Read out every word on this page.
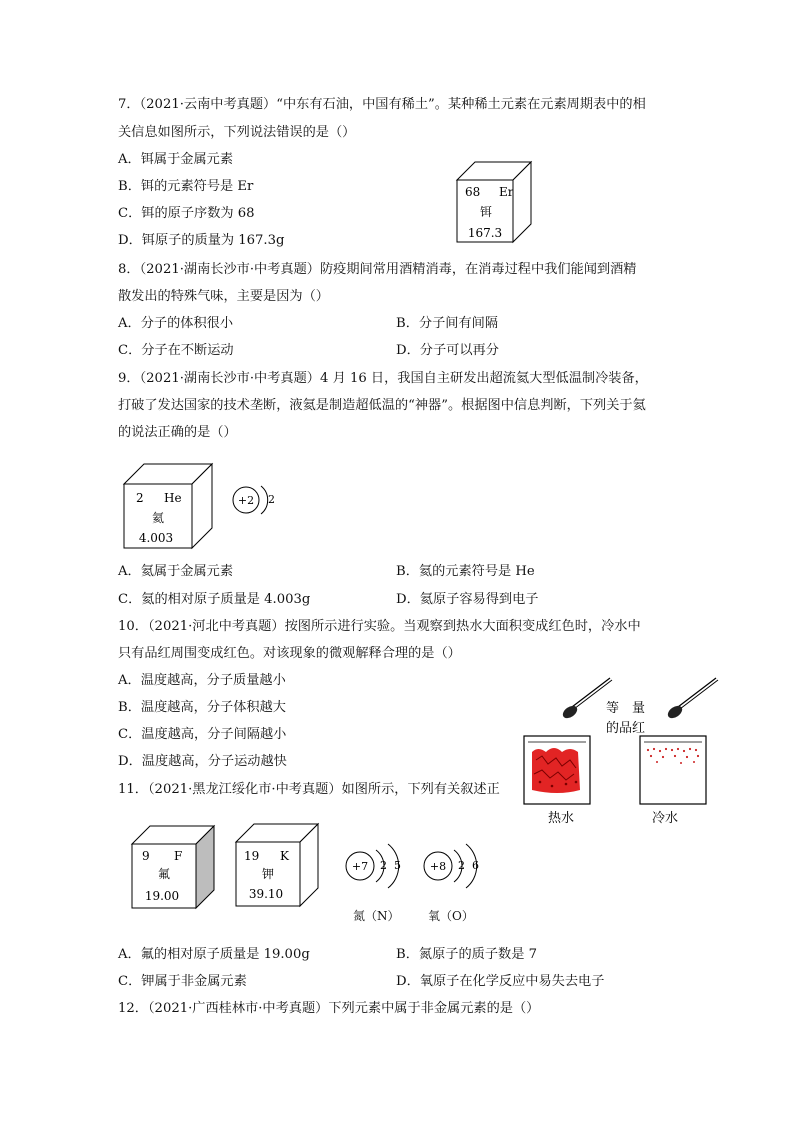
7．（2021·云南中考真题）“中东有石油，中国有稀土”。某种稀土元素在元素周期表中的相
关信息如图所示，下列说法错误的是（）
A．铒属于金属元素
B．铒的元素符号是 Er
C．铒的原子序数为 68
D．铒原子的质量为 167.3g
68 Er
铒
167.3
8．（2021·湖南长沙市·中考真题）防疫期间常用酒精消毒，在消毒过程中我们能闻到酒精
散发出的特殊气味，主要是因为（）
A．分子的体积很小	B．分子间有间隔
C．分子在不断运动	D．分子可以再分
9．（2021·湖南长沙市·中考真题）4 月 16 日，我国自主研发出超流氦大型低温制冷装备，
打破了发达国家的技术垄断，液氦是制造超低温的“神器”。根据图中信息判断，下列关于氦
的说法正确的是（）
2 He
氦
4.003
+2 2
A．氦属于金属元素	B．氦的元素符号是 He
C．氦的相对原子质量是 4.003g	D．氦原子容易得到电子
10．（2021·河北中考真题）按图所示进行实验。当观察到热水大面积变成红色时，冷水中
只有品红周围变成红色。对该现象的微观解释合理的是（）
A．温度越高，分子质量越小
B．温度越高，分子体积越大
C．温度越高，分子间隔越小
D．温度越高，分子运动越快
等　量
的品红
热水	冷水
11．（2021·黑龙江绥化市·中考真题）如图所示，下列有关叙述正
9 F
氟
19.00
19 K
钾
39.10
+7 2 5
氮（N）
+8 2 6
氧（O）
A．氟的相对原子质量是 19.00g	B．氮原子的质子数是 7
C．钾属于非金属元素	D．氧原子在化学反应中易失去电子
12．（2021·广西桂林市·中考真题）下列元素中属于非金属元素的是（）
